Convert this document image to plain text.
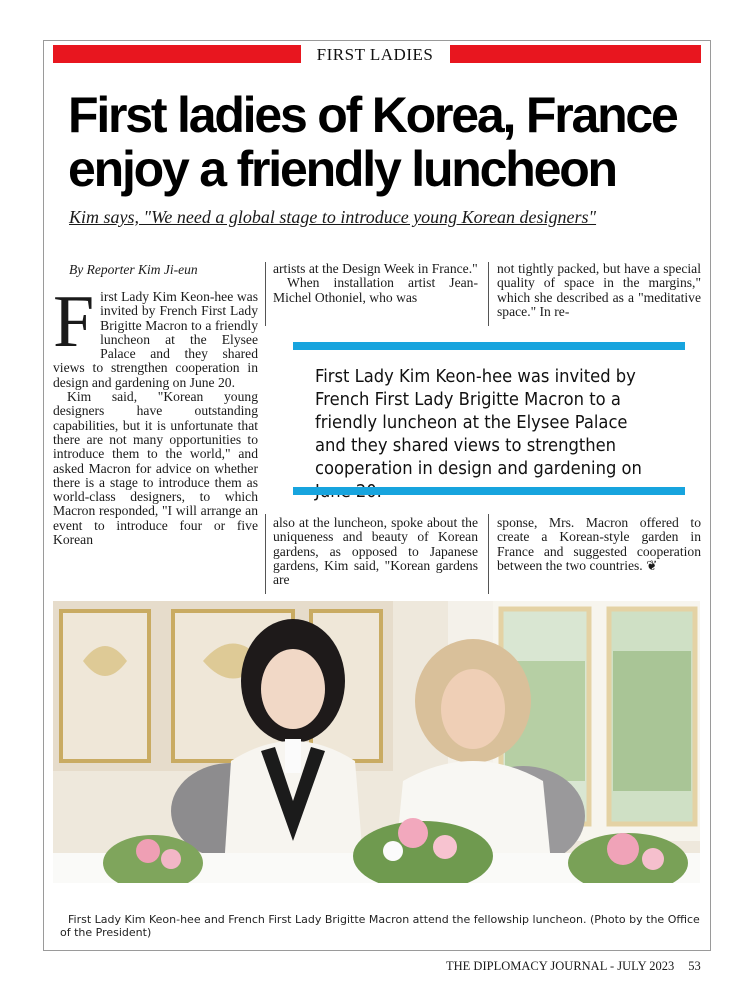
FIRST LADIES
First ladies of Korea, France enjoy a friendly luncheon

Kim says, "We need a global stage to introduce young Korean designers"

By Reporter Kim Ji-eun
F irst Lady Kim Keon-hee was invited by French First Lady Brigitte Macron to a friendly luncheon at the Elysee Palace and they shared views to strengthen cooperation in design and gardening on June 20.

Kim said, "Korean young designers have outstanding capabilities, but it is unfortunate that there are not many opportunities to introduce them to the world," and asked Macron for advice on whether there is a stage to introduce them as world-class designers, to which Macron responded, "I will arrange an event to introduce four or five Korean

artists at the Design Week in France."

When installation artist Jean-Michel Othoniel, who was

not tightly packed, but have a special quality of space in the margins," which she described as a "meditative space." In re-

First Lady Kim Keon-hee was invited by French First Lady Brigitte Macron to a friendly luncheon at the Elysee Palace and they shared views to strengthen cooperation in design and gardening on

also at the luncheon, spoke about the uniqueness and beauty of Korean gardens, as opposed to Japanese gardens, Kim said, "Korean gardens are

sponse, Mrs. Macron offered to create a Korean-style garden in France and suggested cooperation between the two countries. ❦

First Lady Kim Keon-hee and French First Lady Brigitte Macron attend the fellowship luncheon. (Photo by the Office of the President)
THE DIPLOMACY JOURNAL - JULY 2023 53
